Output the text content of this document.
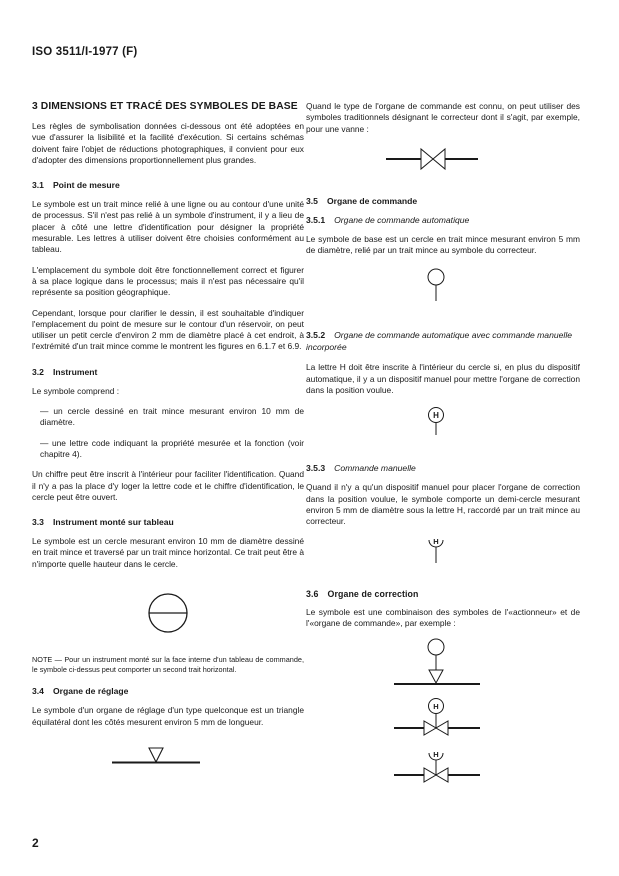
ISO 3511/I-1977 (F)
3 DIMENSIONS ET TRACÉ DES SYMBOLES DE BASE

Les règles de symbolisation données ci-dessous ont été adoptées en vue d'assurer la lisibilité et la facilité d'exécution. Si certains schémas doivent faire l'objet de réductions photographiques, il convient pour eux d'adopter des dimensions proportionnellement plus grandes.

3.1 Point de mesure

Le symbole est un trait mince relié à une ligne ou au contour d'une unité de processus. S'il n'est pas relié à un symbole d'instrument, il y a lieu de placer à côté une lettre d'identification pour désigner la propriété mesurable. Les lettres à utiliser doivent être choisies conformément au tableau.

L'emplacement du symbole doit être fonctionnellement correct et figurer à sa place logique dans le processus; mais il n'est pas nécessaire qu'il représente sa position géographique.

Cependant, lorsque pour clarifier le dessin, il est souhaitable d'indiquer l'emplacement du point de mesure sur le contour d'un réservoir, on peut utiliser un petit cercle d'environ 2 mm de diamètre placé à cet endroit, à l'extrémité d'un trait mince comme le montrent les figures en 6.1.7 et 6.9.

3.2 Instrument

Le symbole comprend :

— un cercle dessiné en trait mince mesurant environ 10 mm de diamètre.

— une lettre code indiquant la propriété mesurée et la fonction (voir chapitre 4).

Un chiffre peut être inscrit à l'intérieur pour faciliter l'identification. Quand il n'y a pas la place d'y loger la lettre code et le chiffre d'identification, le cercle peut être ouvert.

3.3 Instrument monté sur tableau

Le symbole est un cercle mesurant environ 10 mm de diamètre dessiné en trait mince et traversé par un trait mince horizontal. Ce trait peut être à n'importe quelle hauteur dans le cercle.

NOTE — Pour un instrument monté sur la face interne d'un tableau de commande, le symbole ci-dessus peut comporter un second trait horizontal.

3.4 Organe de réglage

Le symbole d'un organe de réglage d'un type quelconque est un triangle équilatéral dont les côtés mesurent environ 5 mm de longueur.

Quand le type de l'organe de commande est connu, on peut utiliser des symboles traditionnels désignant le correcteur dont il s'agit, par exemple, pour une vanne :

3.5 Organe de commande
3.5.1 Organe de commande automatique

Le symbole de base est un cercle en trait mince mesurant environ 5 mm de diamètre, relié par un trait mince au symbole du correcteur.

3.5.2 Organe de commande automatique avec commande manuelle incorporée

La lettre H doit être inscrite à l'intérieur du cercle si, en plus du dispositif automatique, il y a un dispositif manuel pour mettre l'organe de correction dans la position voulue.

H
3.5.3 Commande manuelle

Quand il n'y a qu'un dispositif manuel pour placer l'organe de correction dans la position voulue, le symbole comporte un demi-cercle mesurant environ 5 mm de diamètre sous la lettre H, raccordé par un trait mince au correcteur.

H
3.6 Organe de correction

Le symbole est une combinaison des symboles de l'«actionneur» et de l'«organe de commande», par exemple :

H
H
2
